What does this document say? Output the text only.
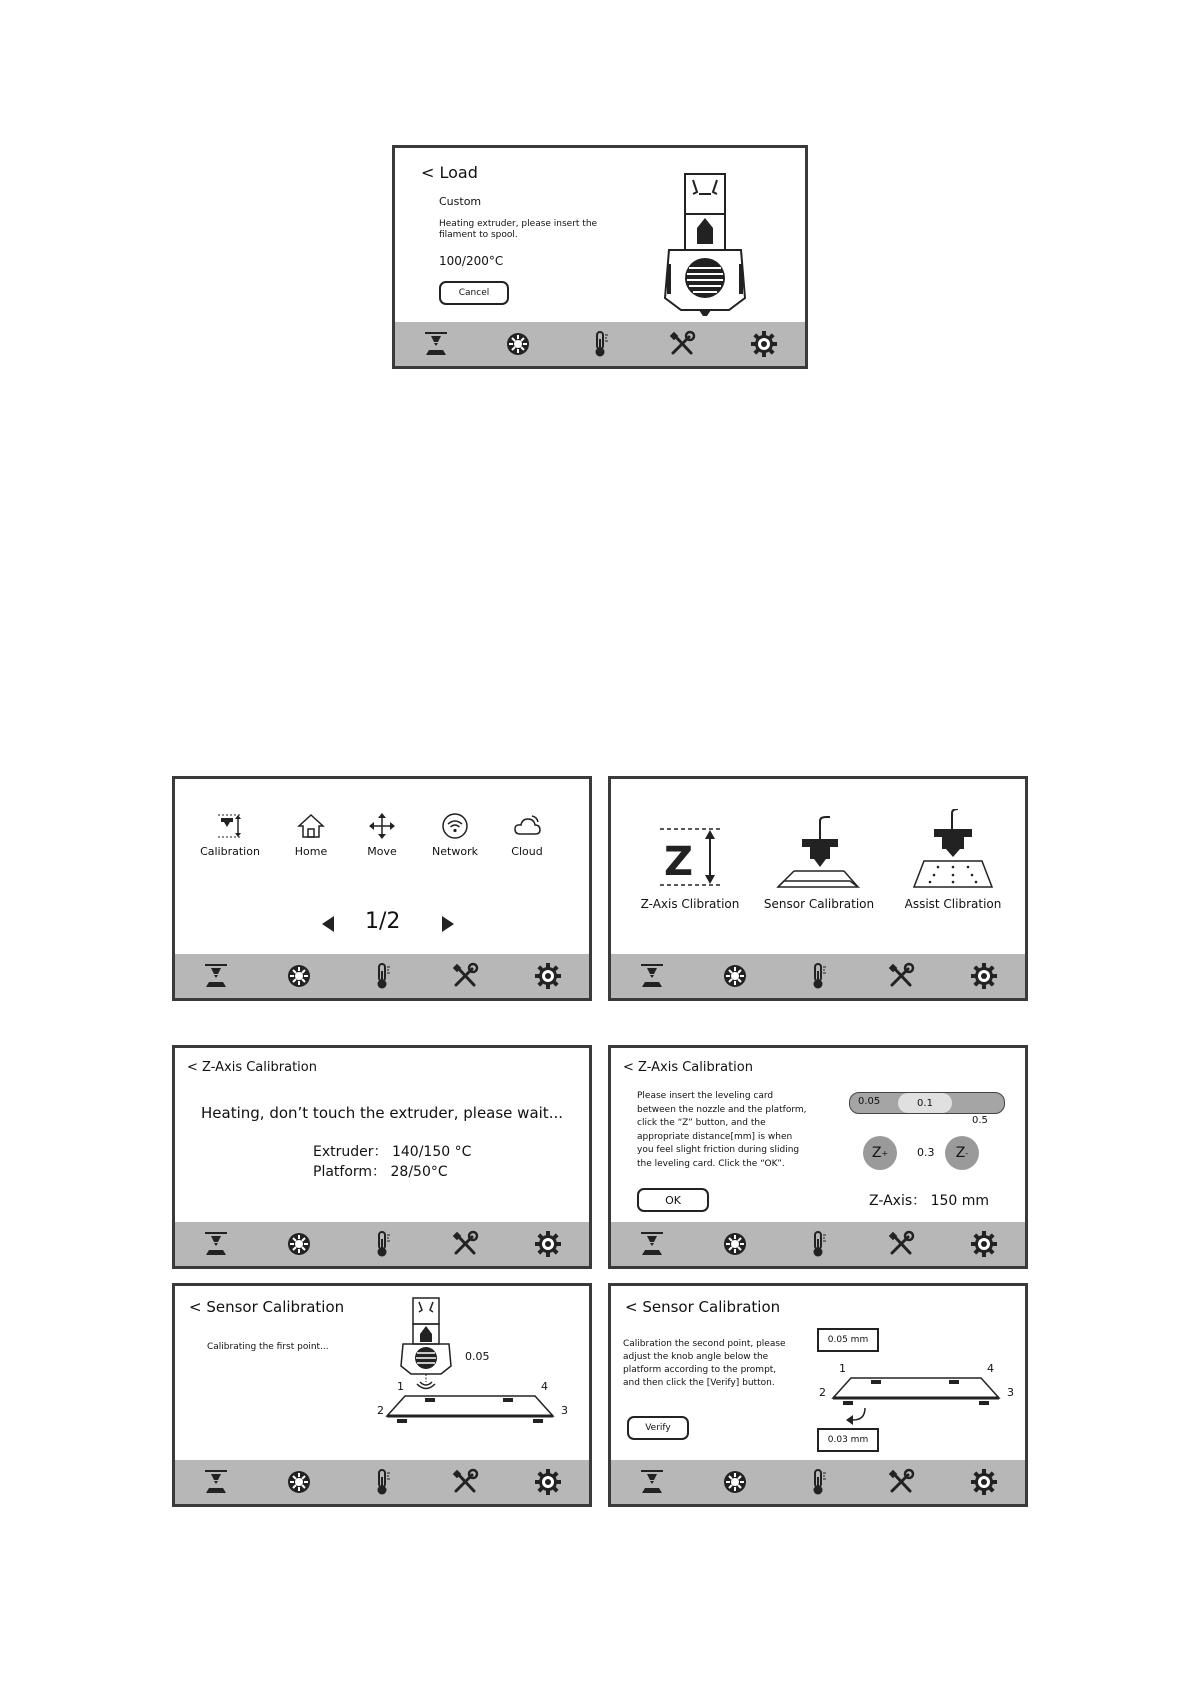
< Load
Custom
Heating extruder, please insert the
filament to spool.
100/200°C
Cancel
Calibration	Home	Move	Network	Cloud
1/2
Z
Z-Axis Clibration	Sensor Calibration	Assist Clibration
< Z-Axis Calibration
Heating, don’t touch the extruder, please wait...
Extruder： 140/150 °C
Platform： 28/50°C
< Z-Axis Calibration
Please insert the leveling card
between the nozzle and the platform,
click the “Z” button, and the
appropriate distance[mm] is when
you feel slight friction during sliding
the leveling card. Click the “OK”.
0.05	0.1
0.5
Z +	0.3	Z -
OK	Z-Axis： 150 mm
< Sensor Calibration
Calibrating the first point...
0.05
1
2	3
4
< Sensor Calibration
Calibration the second point, please
adjust the knob angle below the
platform according to the prompt,
and then click the [Verify] button.
Verify
0.05 mm
0.03 mm
1
2	3
4
